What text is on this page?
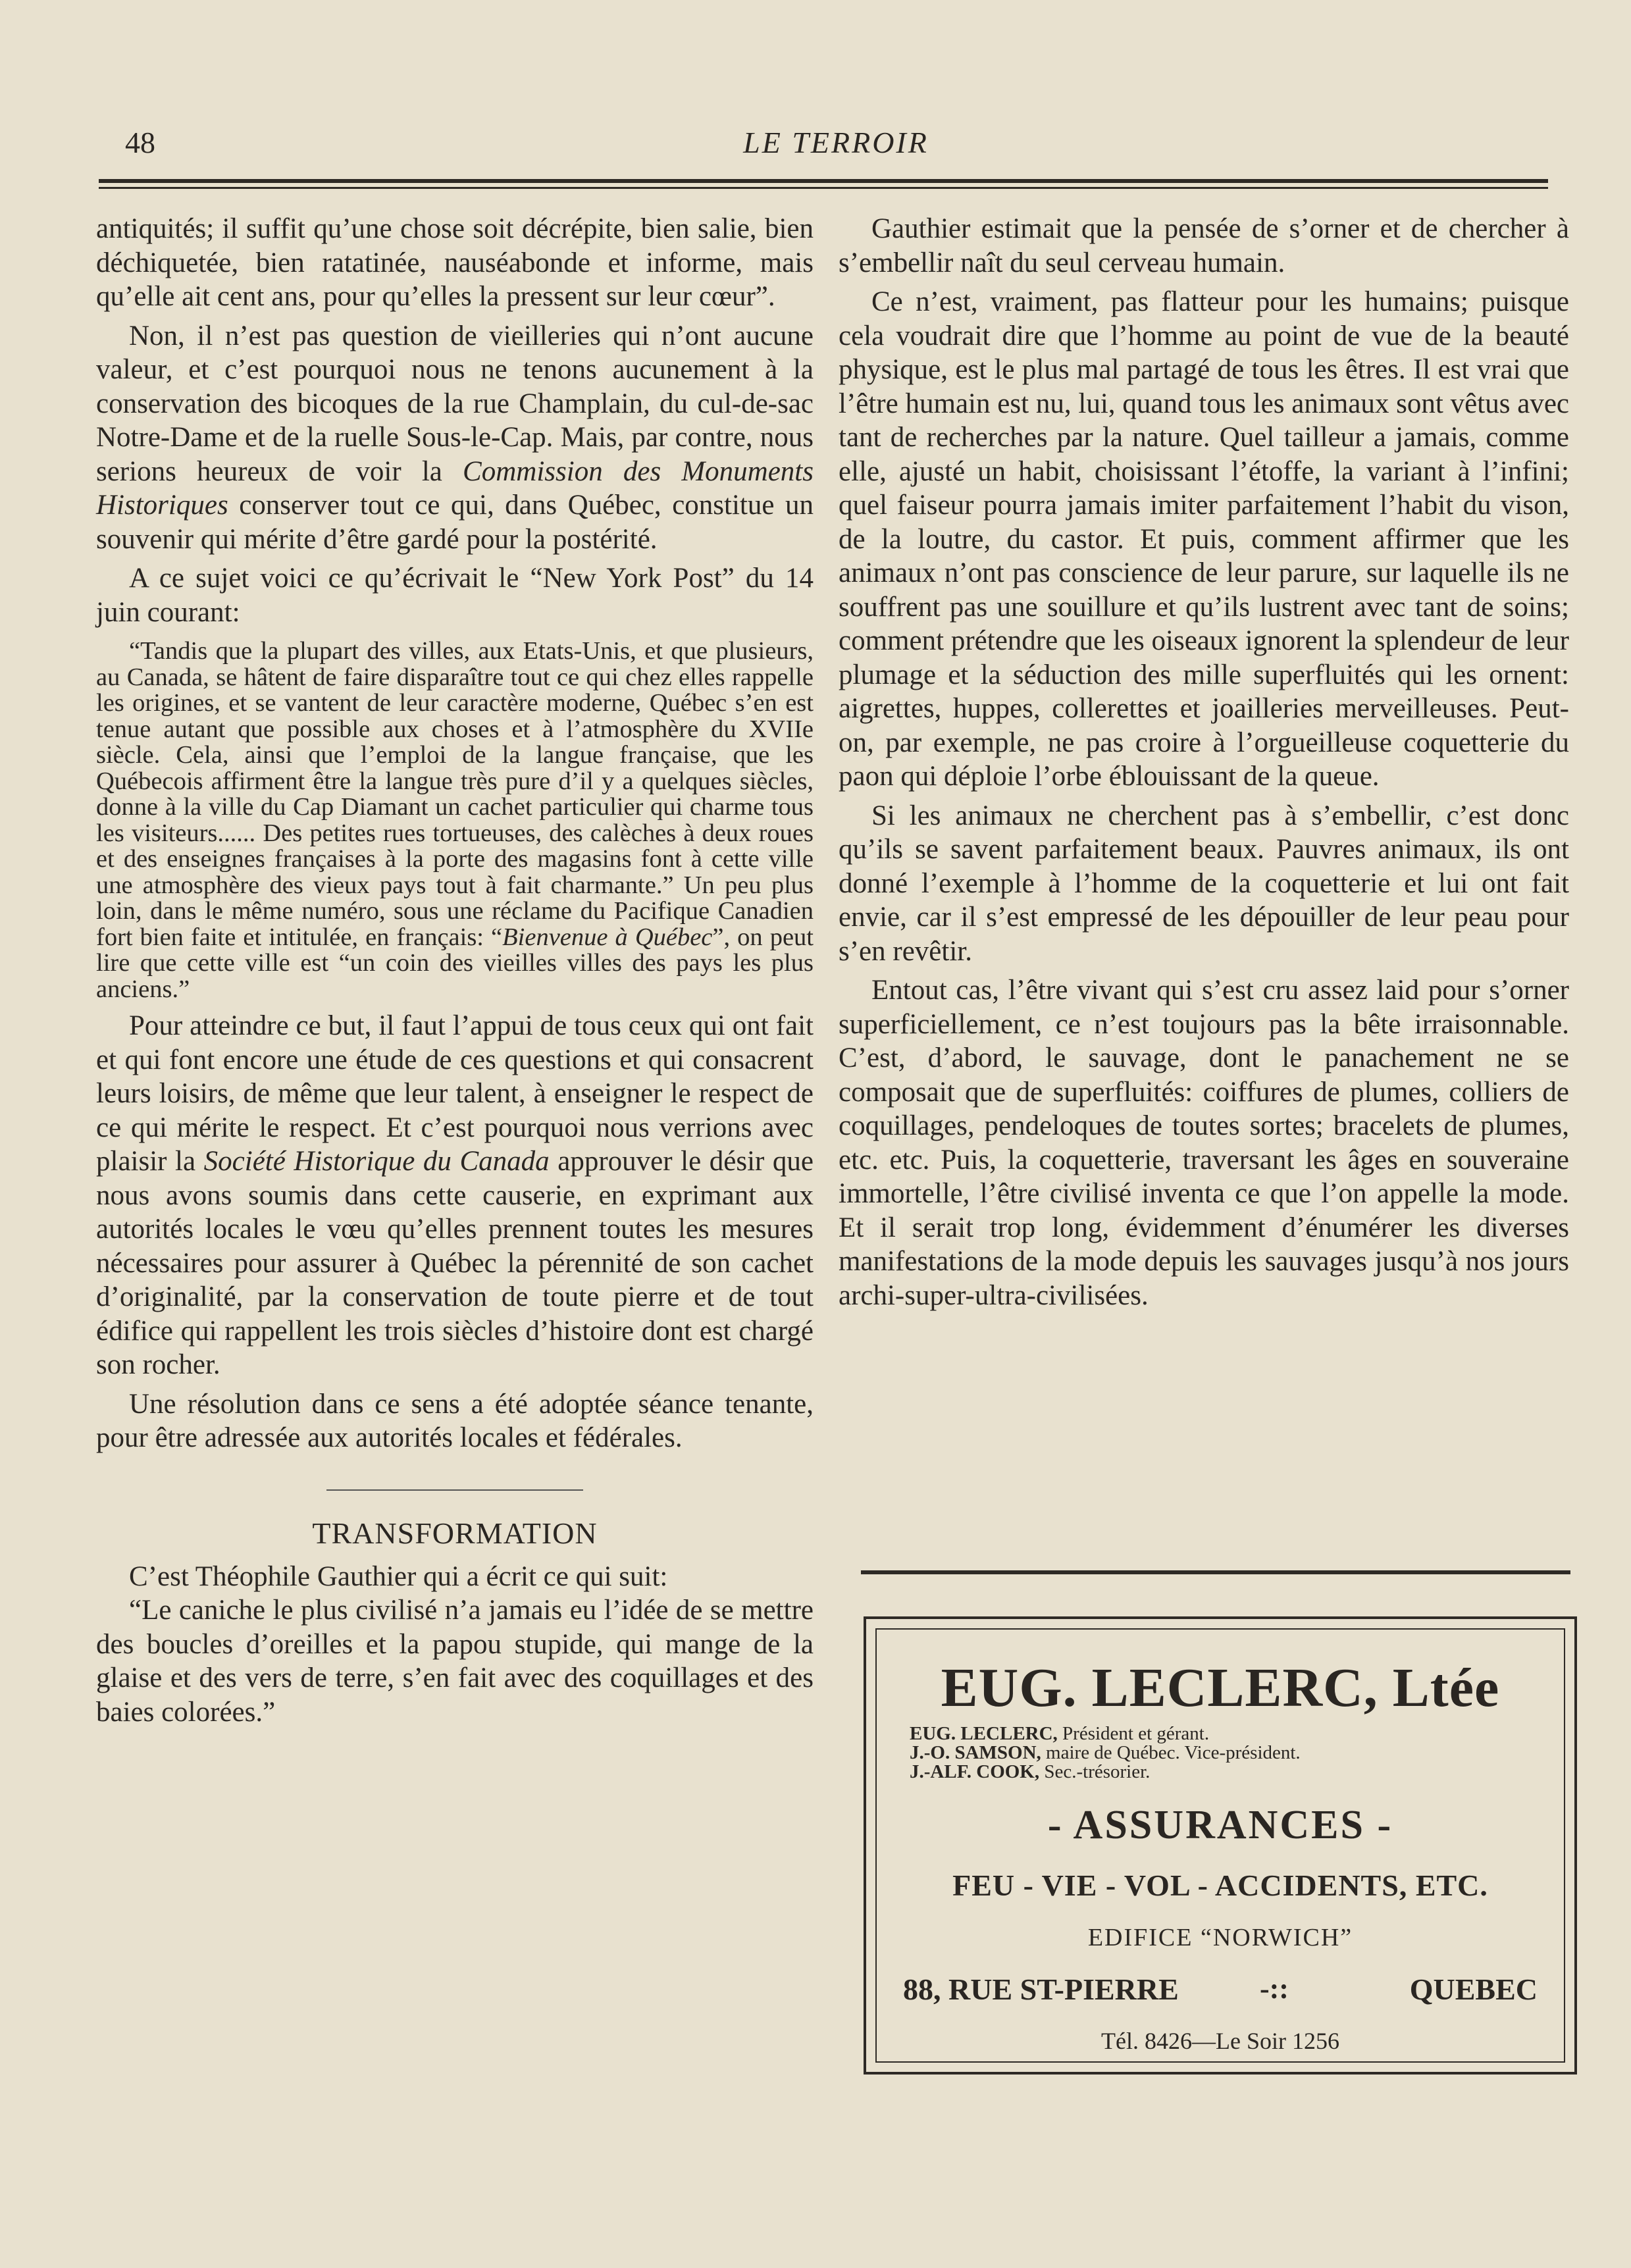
48	LE TERROIR

antiquités; il suffit qu’une chose soit décrépite, bien salie, bien déchiquetée, bien ratatinée, nauséabonde et informe, mais qu’elle ait cent ans, pour qu’elles la pressent sur leur cœur”.

Non, il n’est pas question de vieilleries qui n’ont aucune valeur, et c’est pourquoi nous ne tenons aucunement à la conservation des bicoques de la rue Champlain, du cul-de-sac Notre-Dame et de la ruelle Sous-le-Cap. Mais, par contre, nous serions heureux de voir la Commission des Monuments Historiques conserver tout ce qui, dans Québec, constitue un souvenir qui mérite d’être gardé pour la postérité.

A ce sujet voici ce qu’écrivait le “New York Post” du 14 juin courant:

“Tandis que la plupart des villes, aux Etats-Unis, et que plusieurs, au Canada, se hâtent de faire disparaître tout ce qui chez elles rappelle les origines, et se vantent de leur caractère moderne, Québec s’en est tenue autant que possible aux choses et à l’atmosphère du XVIIe siècle. Cela, ainsi que l’emploi de la langue française, que les Québecois affirment être la langue très pure d’il y a quelques siècles, donne à la ville du Cap Diamant un cachet particulier qui charme tous les visiteurs...... Des petites rues tortueuses, des calèches à deux roues et des enseignes françaises à la porte des magasins font à cette ville une atmosphère des vieux pays tout à fait charmante.” Un peu plus loin, dans le même numéro, sous une réclame du Pacifique Canadien fort bien faite et intitulée, en français: “Bienvenue à Québec”, on peut lire que cette ville est “un coin des vieilles villes des pays les plus anciens.”

Pour atteindre ce but, il faut l’appui de tous ceux qui ont fait et qui font encore une étude de ces questions et qui consacrent leurs loisirs, de même que leur talent, à enseigner le respect de ce qui mérite le respect. Et c’est pourquoi nous verrions avec plaisir la Société Historique du Canada approuver le désir que nous avons soumis dans cette causerie, en exprimant aux autorités locales le vœu qu’elles prennent toutes les mesures nécessaires pour assurer à Québec la pérennité de son cachet d’originalité, par la conservation de toute pierre et de tout édifice qui rappellent les trois siècles d’histoire dont est chargé son rocher.

Une résolution dans ce sens a été adoptée séance tenante, pour être adressée aux autorités locales et fédérales.

TRANSFORMATION

C’est Théophile Gauthier qui a écrit ce qui suit:

“Le caniche le plus civilisé n’a jamais eu l’idée de se mettre des boucles d’oreilles et la papou stupide, qui mange de la glaise et des vers de terre, s’en fait avec des coquillages et des baies colorées.”

Gauthier estimait que la pensée de s’orner et de chercher à s’embellir naît du seul cerveau humain.

Ce n’est, vraiment, pas flatteur pour les humains; puisque cela voudrait dire que l’homme au point de vue de la beauté physique, est le plus mal partagé de tous les êtres. Il est vrai que l’être humain est nu, lui, quand tous les animaux sont vêtus avec tant de recherches par la nature. Quel tailleur a jamais, comme elle, ajusté un habit, choisissant l’étoffe, la variant à l’infini; quel faiseur pourra jamais imiter parfaitement l’habit du vison, de la loutre, du castor. Et puis, comment affirmer que les animaux n’ont pas conscience de leur parure, sur laquelle ils ne souffrent pas une souillure et qu’ils lustrent avec tant de soins; comment prétendre que les oiseaux ignorent la splendeur de leur plumage et la séduction des mille superfluités qui les ornent: aigrettes, huppes, collerettes et joailleries merveilleuses. Peut-on, par exemple, ne pas croire à l’orgueilleuse coquetterie du paon qui déploie l’orbe éblouissant de la queue.

Si les animaux ne cherchent pas à s’embellir, c’est donc qu’ils se savent parfaitement beaux. Pauvres animaux, ils ont donné l’exemple à l’homme de la coquetterie et lui ont fait envie, car il s’est empressé de les dépouiller de leur peau pour s’en revêtir.

Entout cas, l’être vivant qui s’est cru assez laid pour s’orner superficiellement, ce n’est toujours pas la bête irraisonnable. C’est, d’abord, le sauvage, dont le panachement ne se composait que de superfluités: coiffures de plumes, colliers de coquillages, pendeloques de toutes sortes; bracelets de plumes, etc. etc. Puis, la coquetterie, traversant les âges en souveraine immortelle, l’être civilisé inventa ce que l’on appelle la mode. Et il serait trop long, évidemment d’énumérer les diverses manifestations de la mode depuis les sauvages jusqu’à nos jours archi-super-ultra-civilisées.

EUG. LECLERC, Ltée
EUG. LECLERC, Président et gérant.
J.-O. SAMSON, maire de Québec. Vice-président.
J.-ALF. COOK, Sec.-trésorier.
- ASSURANCES -
FEU - VIE - VOL - ACCIDENTS, ETC.
EDIFICE “NORWICH”
88, RUE ST-PIERRE	-::	QUEBEC
Tél. 8426—Le Soir 1256
